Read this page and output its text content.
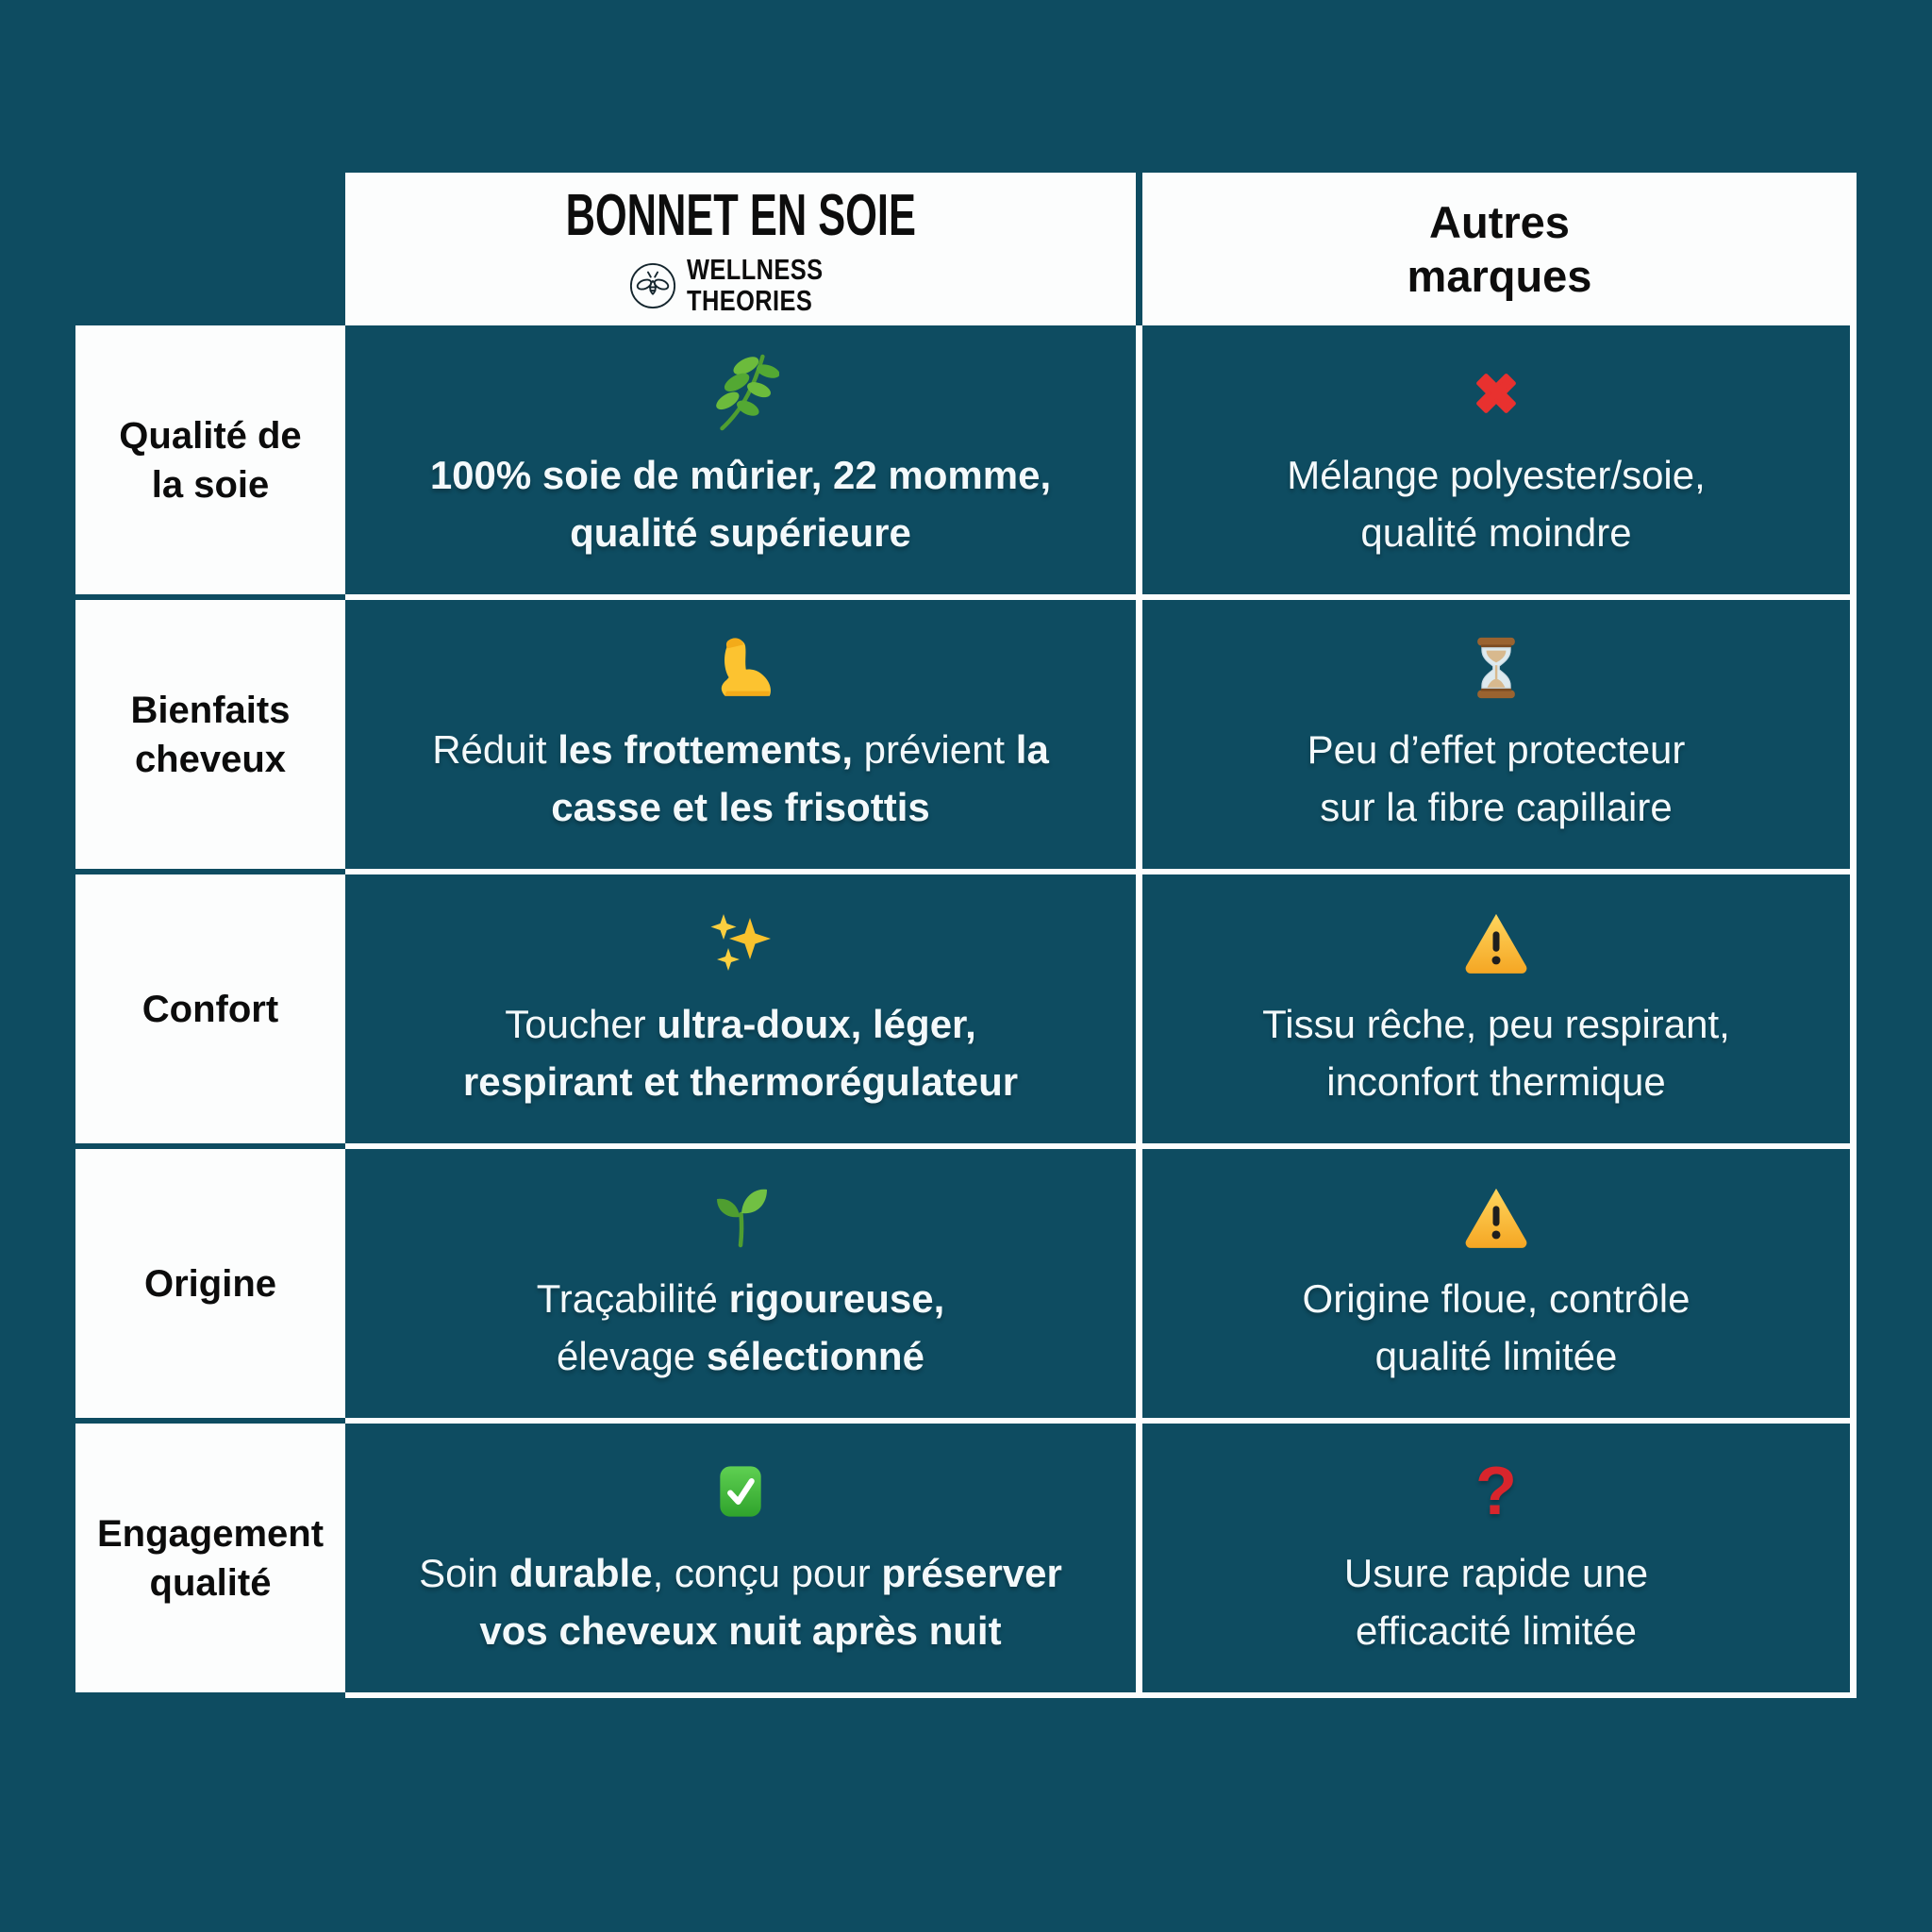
BONNET EN SOIE
WELLNESS
THEORIES
Autres
marques
Qualité de
la soie
Bienfaits
cheveux
Confort
Origine
Engagement
qualité
100% soie de mûrier, 22 momme,
qualité supérieure
Mélange polyester/soie,
qualité moindre
Réduit les frottements, prévient la
casse et les frisottis
Peu d’effet protecteur
sur la fibre capillaire
Toucher ultra-doux, léger,
respirant et thermorégulateur
Tissu rêche, peu respirant,
inconfort thermique
Traçabilité rigoureuse,
élevage sélectionné
Origine floue, contrôle
qualité limitée
Soin durable, conçu pour préserver
vos cheveux nuit après nuit
?
Usure rapide une
efficacité limitée
